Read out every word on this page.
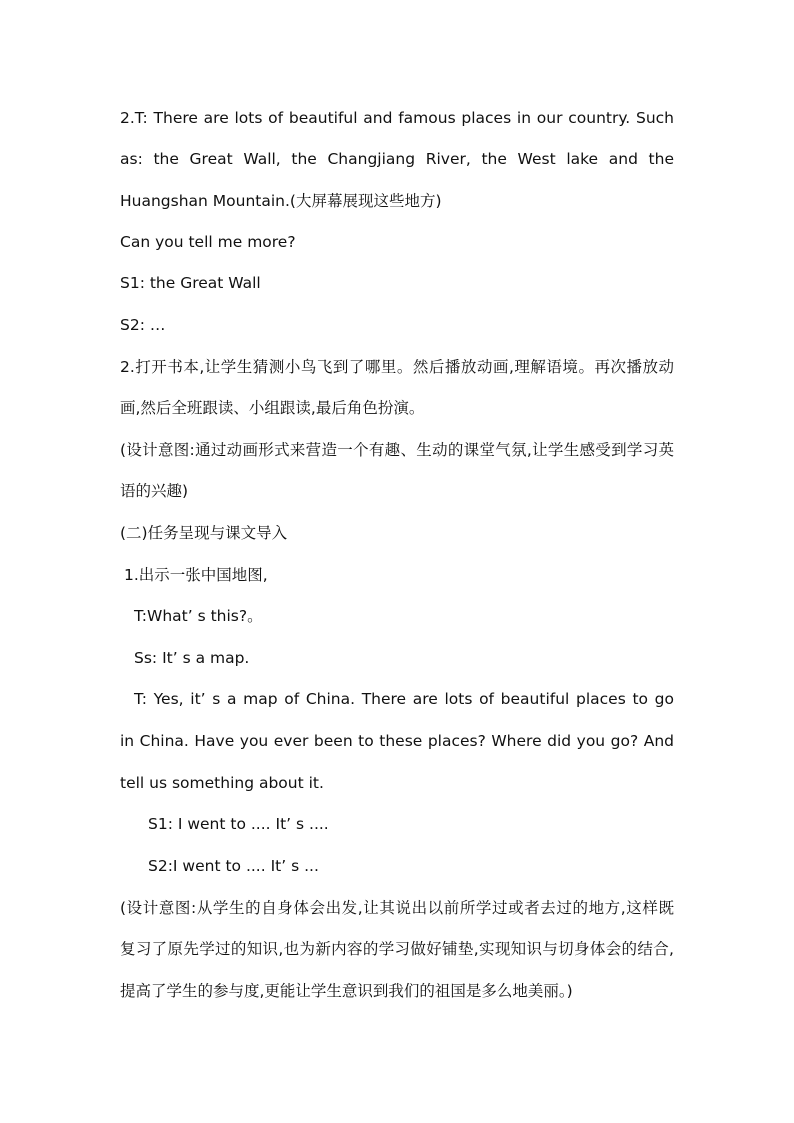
2.T: There are lots of beautiful and famous places in our country. Such
as: the Great Wall, the Changjiang River, the West lake and the
Huangshan Mountain.(大屏幕展现这些地方)
Can you tell me more?
S1: the Great Wall
S2: …
2.打开书本,让学生猜测小鸟飞到了哪里。然后播放动画,理解语境。再次播放动
画,然后全班跟读、小组跟读,最后角色扮演。
(设计意图:通过动画形式来营造一个有趣、生动的课堂气氛,让学生感受到学习英
语的兴趣)
(二)任务呈现与课文导入
1.出示一张中国地图,
T:What’ s this?。
Ss: It’ s a map.
T: Yes, it’ s a map of China. There are lots of beautiful places to go
in China. Have you ever been to these places? Where did you go? And
tell us something about it.
S1: I went to .... It’ s ....
S2:I went to .... It’ s ...
(设计意图:从学生的自身体会出发,让其说出以前所学过或者去过的地方,这样既
复习了原先学过的知识,也为新内容的学习做好铺垫,实现知识与切身体会的结合,
提高了学生的参与度,更能让学生意识到我们的祖国是多么地美丽。)
